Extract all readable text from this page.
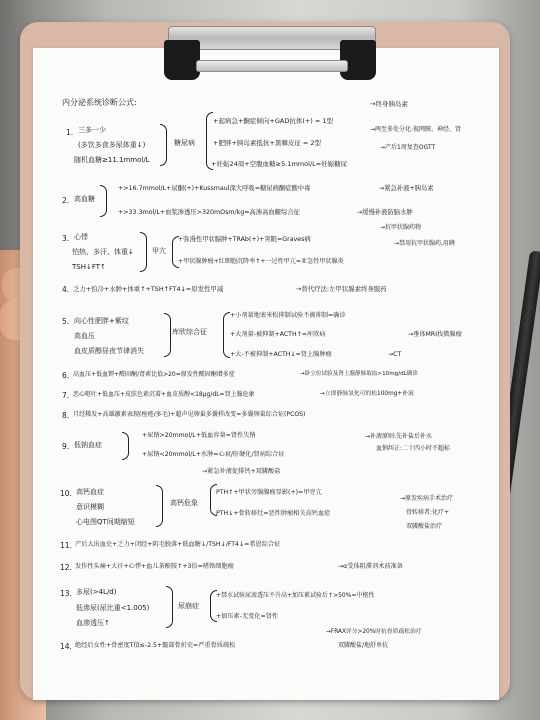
内分泌系统诊断公式:
1. 三多一少
(多饮多食多尿体重↓)
随机血糖≥11.1mmol/L
糖尿病
+起病急+酮症倾向+GAD抗体(+) = 1型
→终身胰岛素
+肥胖+胰岛素抵抗+黑棘皮征 = 2型
→两至多处分化:视网膜、神经、肾
+妊娠24周+空腹血糖≥5.1mmol/L=妊娠糖尿
→产后1周复查OGTT
2. 高血糖
+>16.7mmol/L+尿酮(+)+Kussmaul深大呼吸=糖尿病酮症酸中毒	→紧急补液+胰岛素
+>33.3mol/L+血浆渗透压>320mOsm/kg=高渗高血糖综合征	→缓慢补液防脑水肿
3. 心悸
怕热、多汗、体重↓
TSH↓FT↑
甲亢
+弥漫性甲状腺肿+TRAb(+)+突眼=Graves病
→抗甲状腺药物
→禁用抗甲状腺药,用碘
+甲状腺肿瘤+红细胞沉降率↑+一过性甲亢=亚急性甲状腺炎
4. 乏力+怕冷+水肿+体重↑+TSH↑FT4↓=原发性甲减	→替代疗法:左甲状腺素终身服药
5. 向心性肥胖+紫纹
高血压
血皮质醇昼夜节律消失
库欣综合征
+小剂量地塞米松抑制试验不被抑制=确诊
+大剂量-被抑制+ACTH↑=库欣病	→垂体MRI找微腺瘤
+大-不被抑制+ACTH↓=肾上腺肿瘤	→CT
6. 高血压+低血钾+醛固酮/肾素比值>20=原发性醛固酮增多症	→卧立位试验及肾上腺静脉取血>10mg/dL确诊
7. 恶心呕吐+低血压+皮肤色素沉着+血皮质醇<18μg/dL=肾上腺危象	→立即静脉氢化可的松100mg+补液
8. 月经稀发+高雄激素表现(痤疮/多毛)+超声见卵巢多囊样改变=多囊卵巢综合征(PCOS)
9. 低钠血症
+尿钠>20mmol/L+低血容量=肾性失钠
+尿钠<20mmol/L+水肿=心衰/肝硬化/肾病综合征
→补液原则:先补盐后补水
血钠纠正:二十四小时不超标
10. 高钙血症
意识模糊
心电图QT间期缩短
高钙危象
→紧急补液促排钙+双膦酸盐
PTH↑+甲状旁腺腺瘤显影(+)=甲旁亢
PTH↓+骨转移灶=恶性肿瘤相关高钙血症
→原发疾病手术治疗
骨转移者:化疗+
双膦酸盐治疗
11. 产后大出血史+乏力+闭经+阴毛脱落+低血糖↓/TSH↓/FT4↓=希恩综合征
12. 发作性头痛+大汗+心悸+血儿茶酚胺↑+3倍=嗜铬细胞瘤	→α受体阻滞剂术前准备
13. 多尿(>4L/d)
低渗尿(尿比重<1.005)
血渗透压↑
尿崩症
+禁水试验尿渗透压不升高+加压素试验后↑>50%=中枢性
+加压素-无变化=肾性
14. 绝经后女性+骨密度T值≤-2.5+髋部骨折史=严重骨质疏松
→FRAX评分>20%时抗骨质疏松治疗
双膦酸盐/地舒单抗
